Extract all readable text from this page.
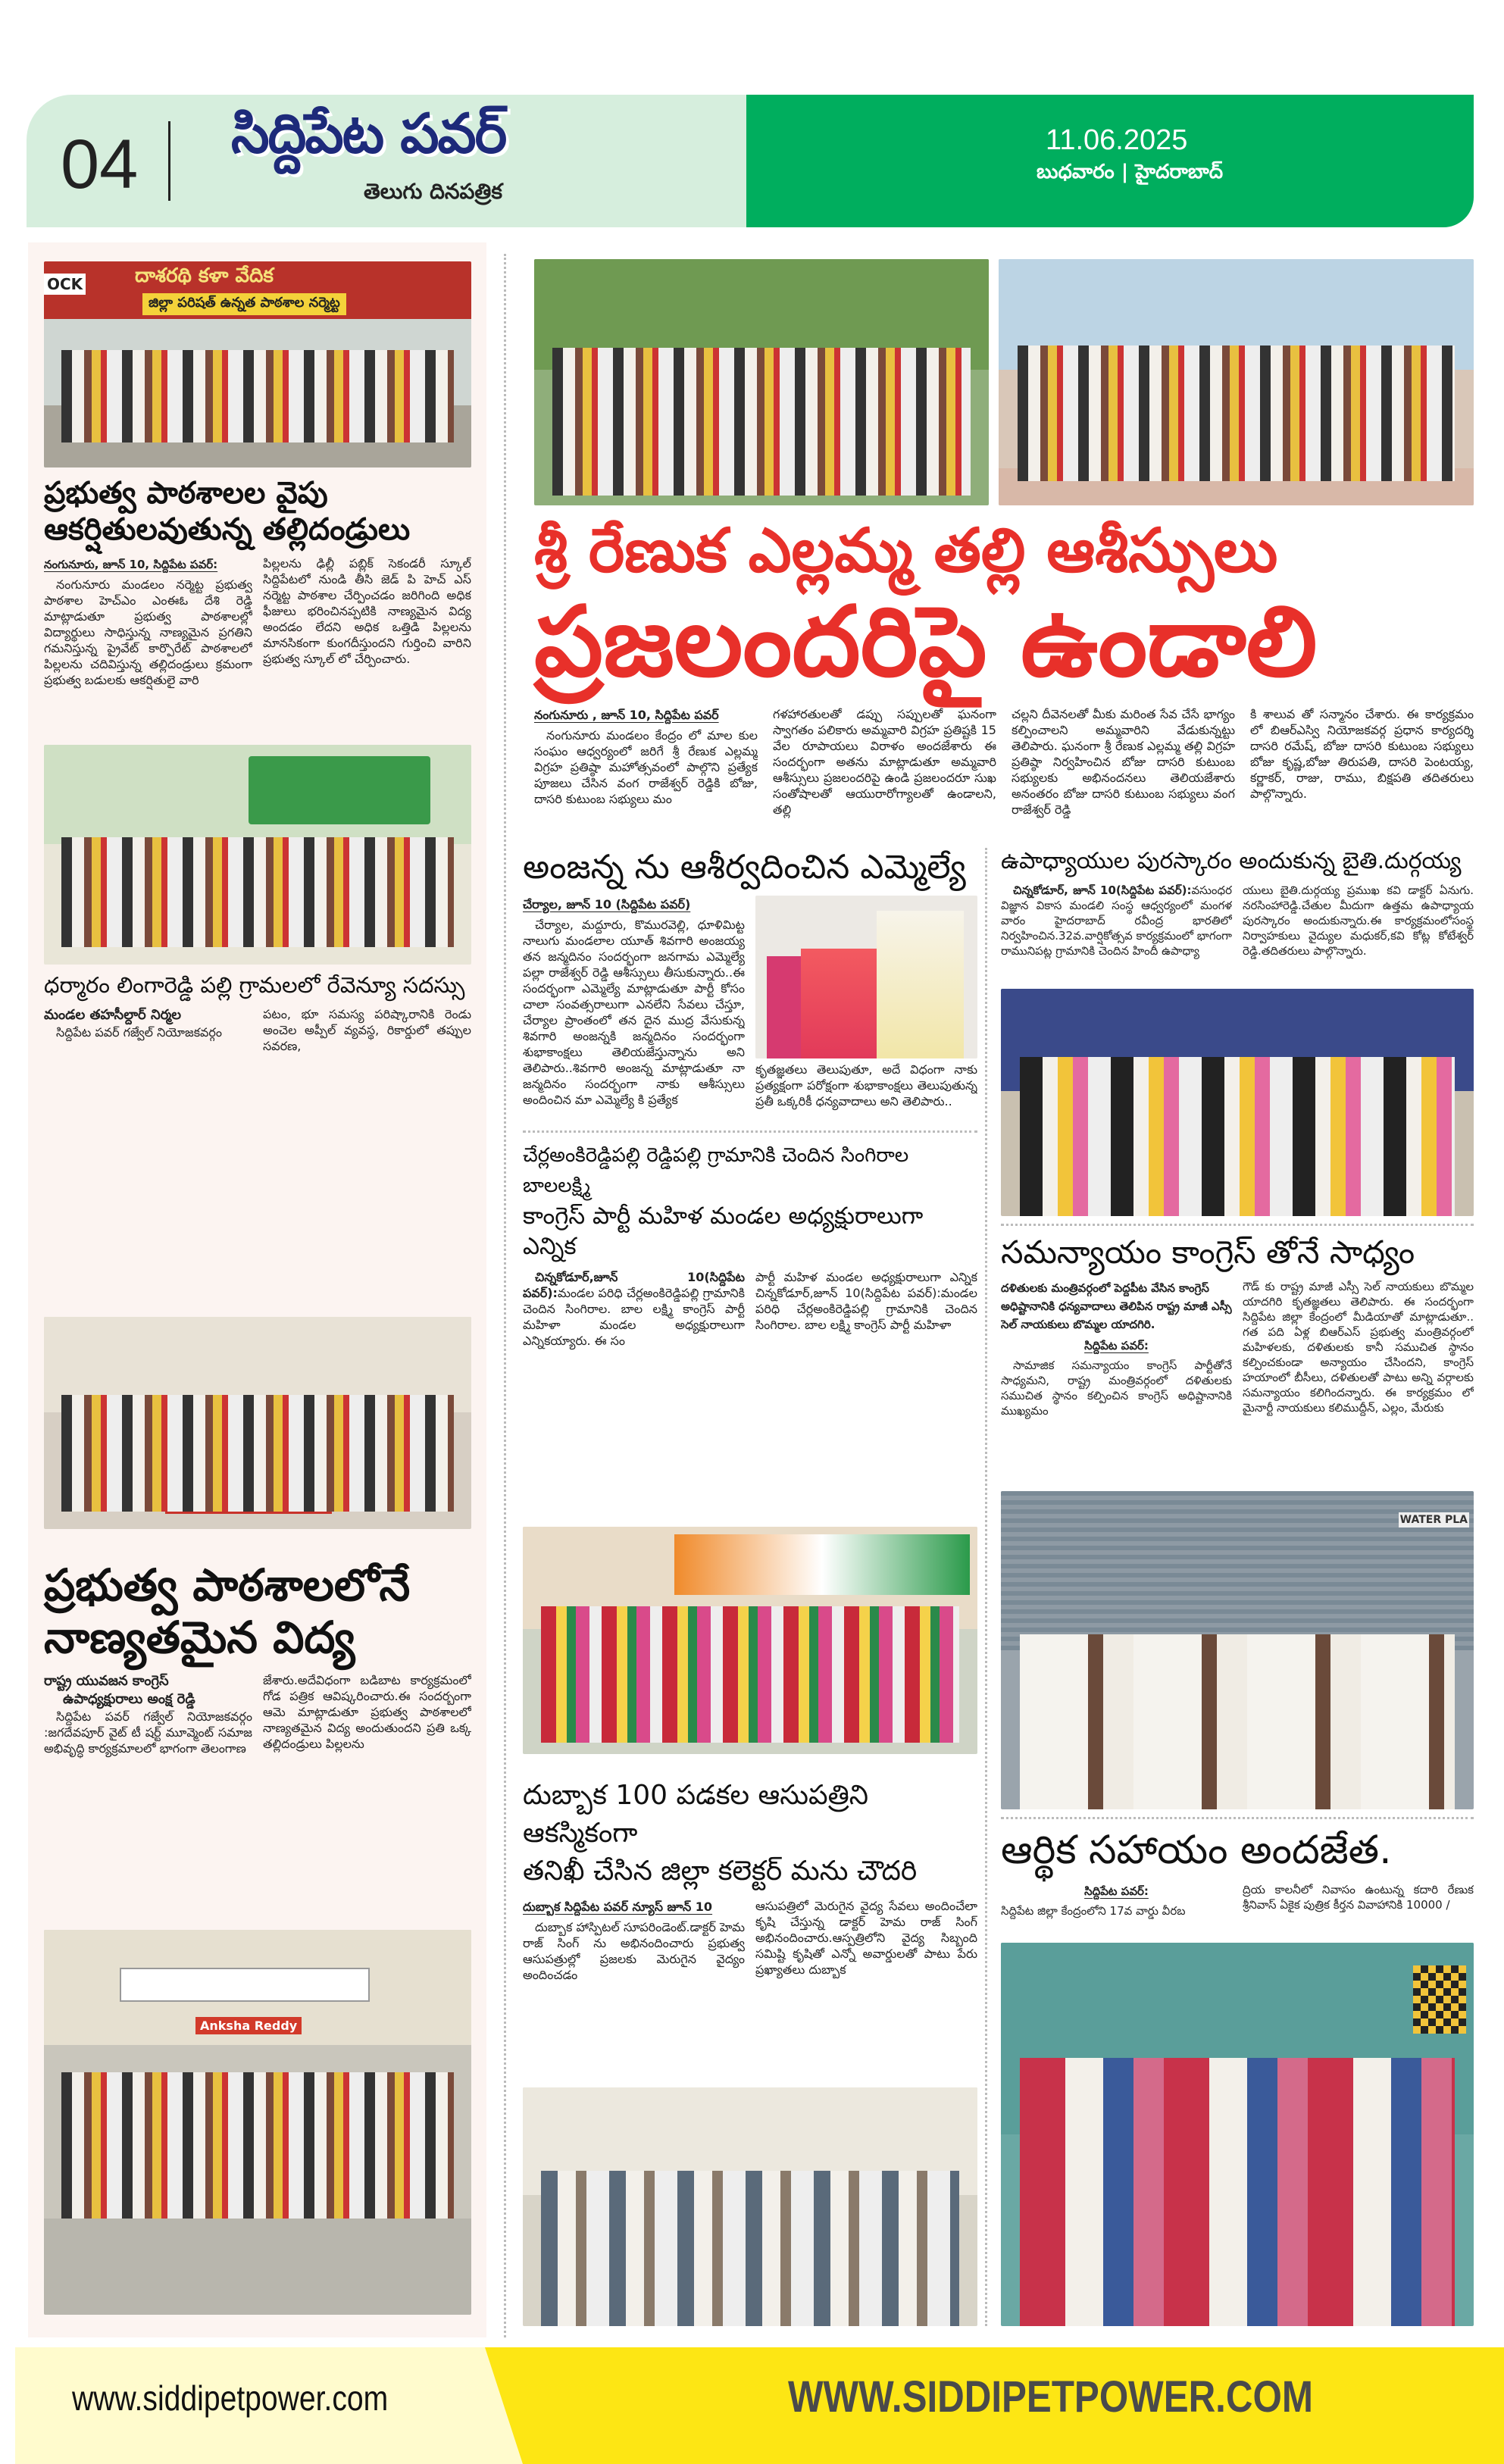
04 సిద్దిపేట పవర్
తెలుగు దినపత్రిక
11.06.2025
బుధవారం | హైదరాబాద్
దాశరథి కళా వేదిక
జిల్లా పరిషత్ ఉన్నత పాఠశాల నర్మెట్ట
OCK
ప్రభుత్వ పాఠశాలల వైపు
ఆకర్షితులవుతున్న తల్లిదండ్రులు
నంగునూరు, జూన్ 10, సిద్దిపేట పవర్:
నంగునూరు మండలం నర్మెట్ట ప్రభుత్వ పాఠశాల హెచ్ఎం ఎంఈఓ దేశి రెడ్డి మాట్లాడుతూ ప్రభుత్వ పాఠశాలల్లో విద్యార్థులు సాధిస్తున్న నాణ్యమైన ప్రగతిని గమనిస్తున్న ప్రైవేట్ కార్పొరేట్ పాఠశాలలో పిల్లలను చదివిస్తున్న తల్లిదండ్రులు క్రమంగా ప్రభుత్వ బడులకు ఆకర్షితులై వారి
పిల్లలను ఢిల్లీ పబ్లిక్ సెకండరీ స్కూల్ సిద్దిపేటలో నుండి తీసి జెడ్ పి హెచ్ ఎస్ నర్మెట్ట పాఠశాల చేర్పించడం జరిగింది అధిక ఫీజులు భరించినప్పటికి నాణ్యమైన విద్య అందడం లేదని అధిక ఒత్తిడి పిల్లలను మానసికంగా కుంగదీస్తుందని గుర్తించి వారిని ప్రభుత్వ స్కూల్ లో చేర్పించారు.
ధర్మారం లింగారెడ్డి పల్లి గ్రామలలో రేవెన్యూ సదస్సు
మండల తహసీల్దార్ నిర్మల
సిద్దిపేట పవర్ గజ్వేల్ నియోజకవర్గం
పటం, భూ సమస్య పరిష్కారానికి రెండు అంచెల అప్పీల్ వ్యవస్థ, రికార్డులో తప్పుల సవరణ,
ప్రభుత్వ పాఠశాలలోనే
నాణ్యతమైన విద్య
రాష్ట్ర యువజన కాంగ్రెస్
ఉపాధ్యక్షురాలు అంక్ష రెడ్డి
సిద్దిపేట పవర్ గజ్వేల్ నియోజకవర్గం :జగదేవపూర్ వైట్ టీ షర్ట్ మూవ్మెంట్ సమాజ అభివృద్ధి కార్యక్రమాలలో భాగంగా తెలంగాణ
జేశారు.అదేవిధంగా బడిబాట కార్యక్రమంలో గోడ పత్రిక ఆవిష్కరించారు.ఈ సందర్బంగా ఆమె మాట్లాడుతూ ప్రభుత్వ పాఠశాలలో నాణ్యతమైన విద్య అందుతుందని ప్రతి ఒక్క తల్లిదండ్రులు పిల్లలను
Anksha Reddy
శ్రీ రేణుక ఎల్లమ్మ తల్లి ఆశీస్సులు
ప్రజలందరిపై ఉండాలి
నంగునూరు , జూన్ 10, సిద్దిపేట పవర్
నంగునూరు మండలం కేంద్రం లో మాల కుల సంఘం ఆధ్వర్యంలో జరిగే శ్రీ రేణుక ఎల్లమ్మ విగ్రహ ప్రతిష్ఠా మహోత్సవంలో పాల్గొని ప్రత్యేక పూజలు చేసిన వంగ రాజేశ్వర్ రెడ్డికి బోజు, దాసరి కుటుంబ సభ్యులు మం
గళహారతులతో డప్పు సప్పులతో ఘనంగా స్వాగతం పలికారు అమ్మవారి విగ్రహ ప్రతిష్టకి 15 వేల రూపాయలు విరాళం అందజేశారు ఈ సందర్భంగా అతను మాట్లాడుతూ అమ్మవారి ఆశీస్సులు ప్రజలందరిపై ఉండి ప్రజలందరూ సుఖ సంతోషాలతో ఆయురారోగ్యాలతో ఉండాలని, తల్లి
చల్లని దీవెనలతో మీకు మరింత సేవ చేసే భాగ్యం కల్పించాలని అమ్మవారిని వేడుకున్నట్టు తెలిపారు. ఘనంగా శ్రీ రేణుక ఎల్లమ్మ తల్లి విగ్రహ ప్రతిష్ఠా నిర్వహించిన బోజు దాసరి కుటుంబ సభ్యులకు అభినందనలు తెలియజేశారు అనంతరం బోజు దాసరి కుటుంబ సభ్యులు వంగ రాజేశ్వర్ రెడ్డి
కి శాలువ తో సన్మానం చేశారు. ఈ కార్యక్రమం లో బిఆర్ఎస్వి నియోజకవర్గ ప్రధాన కార్యదర్శి దాసరి రమేష్, బోజు దాసరి కుటుంబ సభ్యులు బోజు కృష్ణ,బోజు తిరుపతి, దాసరి పెంటయ్య, కర్ణాకర్, రాజు, రాము, బిక్షపతి తదితరులు పాల్గొన్నారు.
అంజన్న ను ఆశీర్వదించిన ఎమ్మెల్యే
చేర్యాల, జూన్ 10 (సిద్దిపేట పవర్)
చేర్యాల, మద్దూరు, కొమురవెల్లి, ధూళిమిట్ట నాలుగు మండలాల యూత్ శివగారి అంజయ్య తన జన్మదినం సందర్భంగా జనగామ ఎమ్మెల్యే పల్లా రాజేశ్వర్ రెడ్డి ఆశీస్సులు తీసుకున్నారు..ఈ సందర్భంగా ఎమ్మెల్యే మాట్లాడుతూ పార్టీ కోసం చాలా సంవత్సరాలుగా ఎనలేని సేవలు చేస్తూ, చేర్యాల ప్రాంతంలో తన దైన ముద్ర వేసుకున్న శివగారి అంజన్నకి జన్మదినం సందర్భంగా శుభాకాంక్షలు తెలియజేస్తున్నాను అని తెలిపారు..శివగారి అంజన్న మాట్లాడుతూ నా జన్మదినం సందర్భంగా నాకు ఆశీస్సులు అందించిన మా ఎమ్మెల్యే కి ప్రత్యేక
కృతజ్ఞతలు తెలుపుతూ, అదే విధంగా నాకు ప్రత్యక్షంగా పరోక్షంగా శుభాకాంక్షలు తెలుపుతున్న ప్రతీ ఒక్కరికీ ధన్యవాదాలు అని తెలిపారు..
చేర్లఅంకిరెడ్డిపల్లి రెడ్డిపల్లి గ్రామానికి చెందిన సింగిరాల బాలలక్ష్మి
కాంగ్రెస్ పార్టీ మహిళ మండల అధ్యక్షురాలుగా ఎన్నిక
చిన్నకోడూర్,జూన్ 10(సిద్దిపేట పవర్):మండల పరిధి చేర్లఅంకిరెడ్డిపల్లి గ్రామానికి చెందిన సింగిరాల. బాల లక్ష్మి కాంగ్రెస్ పార్టీ మహిళా మండల అధ్యక్షురాలుగా ఎన్నికయ్యారు. ఈ సం
పార్టీ మహిళ మండల అధ్యక్షురాలుగా ఎన్నిక చిన్నకోడూర్,జూన్ 10(సిద్దిపేట పవర్):మండల పరిధి చేర్లఅంకిరెడ్డిపల్లి గ్రామానికి చెందిన సింగిరాల. బాల లక్ష్మి కాంగ్రెస్ పార్టీ మహిళా
దుబ్బాక 100 పడకల ఆసుపత్రిని ఆకస్మికంగా
తనిఖీ చేసిన జిల్లా కలెక్టర్ మను చౌదరి
దుబ్బాక సిద్దిపేట పవర్ న్యూస్ జూన్ 10
దుబ్బాక హాస్పిటల్ సూపరిండెంట్.డాక్టర్ హెమ రాజ్ సింగ్ ను అభినందించారు ప్రభుత్వ ఆసుపత్రుల్లో ప్రజలకు మెరుగైన వైద్యం అందించడం
ఆసుపత్రిలో మెరుగైన వైద్య సేవలు అందించేలా కృషి చేస్తున్న డాక్టర్ హెమ రాజ్ సింగ్ అభినందించారు.ఆస్పత్రిలోని వైద్య సిబ్బంది సమిష్టి కృషితో ఎన్నో అవార్డులతో పాటు పేరు ప్రఖ్యాతలు దుబ్బాక
ఉపాధ్యాయుల పురస్కారం అందుకున్న బైతి.దుర్గయ్య
చిన్నకోడూర్, జూన్ 10(సిద్దిపేట పవర్):వసుంధర విజ్ఞాన వికాస మండలి సంస్థ ఆధ్వర్యంలో మంగళ వారం హైదరాబాద్ రవీంద్ర భారతిలో నిర్వహించిన.32వ.వార్షికోత్సవ కార్యక్రమంలో భాగంగా రామునిపట్ల గ్రామానికి చెందిన హిందీ ఉపాధ్యా
యులు బైతి.దుర్గయ్య ప్రముఖ కవి డాక్టర్ ఏనుగు. నరసింహారెడ్డి.చేతుల మీదుగా ఉత్తమ ఉపాధ్యాయ పురస్కారం అందుకున్నారు.ఈ కార్యక్రమంలోసంస్థ నిర్వాహకులు వైద్యుల మధుకర్,కవి కోట్ల కోటేశ్వర్ రెడ్డి.తదితరులు పాల్గొన్నారు.
సమన్యాయం కాంగ్రెస్ తోనే సాధ్యం
దళితులకు మంత్రివర్గంలో పెద్దపీట వేసిన కాంగ్రెస్ అధిష్టానానికి ధన్యవాదాలు తెలిపిన రాష్ట్ర మాజీ ఎస్సీ సెల్ నాయకులు బొమ్మల యాదగిరి.
సిద్దిపేట పవర్:
సామాజిక సమన్యాయం కాంగ్రెస్ పార్టీతోనే సాధ్యమని, రాష్ట్ర మంత్రివర్గంలో దళితులకు సముచిత స్థానం కల్పించిన కాంగ్రెస్ అధిష్టానానికి ముఖ్యమం
గౌడ్ కు రాష్ట్ర మాజీ ఎస్సీ సెల్ నాయకులు బొమ్మల యాదగిరి కృతజ్ఞతలు తెలిపారు. ఈ సందర్భంగా సిద్దిపేట జిల్లా కేంద్రంలో మీడియాతో మాట్లాడుతూ.. గత పది ఏళ్ల బిఆర్ఎస్ ప్రభుత్వ మంత్రివర్గంలో మహిళలకు, దళితులకు కానీ సముచిత స్థానం కల్పించకుండా అన్యాయం చేసిందని, కాంగ్రెస్ హయాంలో బీసీలు, దళితులతో పాటు అన్ని వర్గాలకు సమన్యాయం కలిగిందన్నారు. ఈ కార్యక్రమం లో మైనార్టీ నాయకులు కలిముద్దీన్, ఎల్లం, మేరుకు
WATER PLA
ఆర్థిక సహాయం అందజేత.
సిద్దిపేట పవర్:
సిద్దిపేట జిల్లా కేంద్రంలోని 17వ వార్డు వీరబ
ద్రియ కాలనీలో నివాసం ఉంటున్న కదారి రేణుక శ్రీనివాస్ ఏకైక పుత్రిక కీర్తన వివాహానికి 10000 /
www.siddipetpower.com	WWW.SIDDIPETPOWER.COM
